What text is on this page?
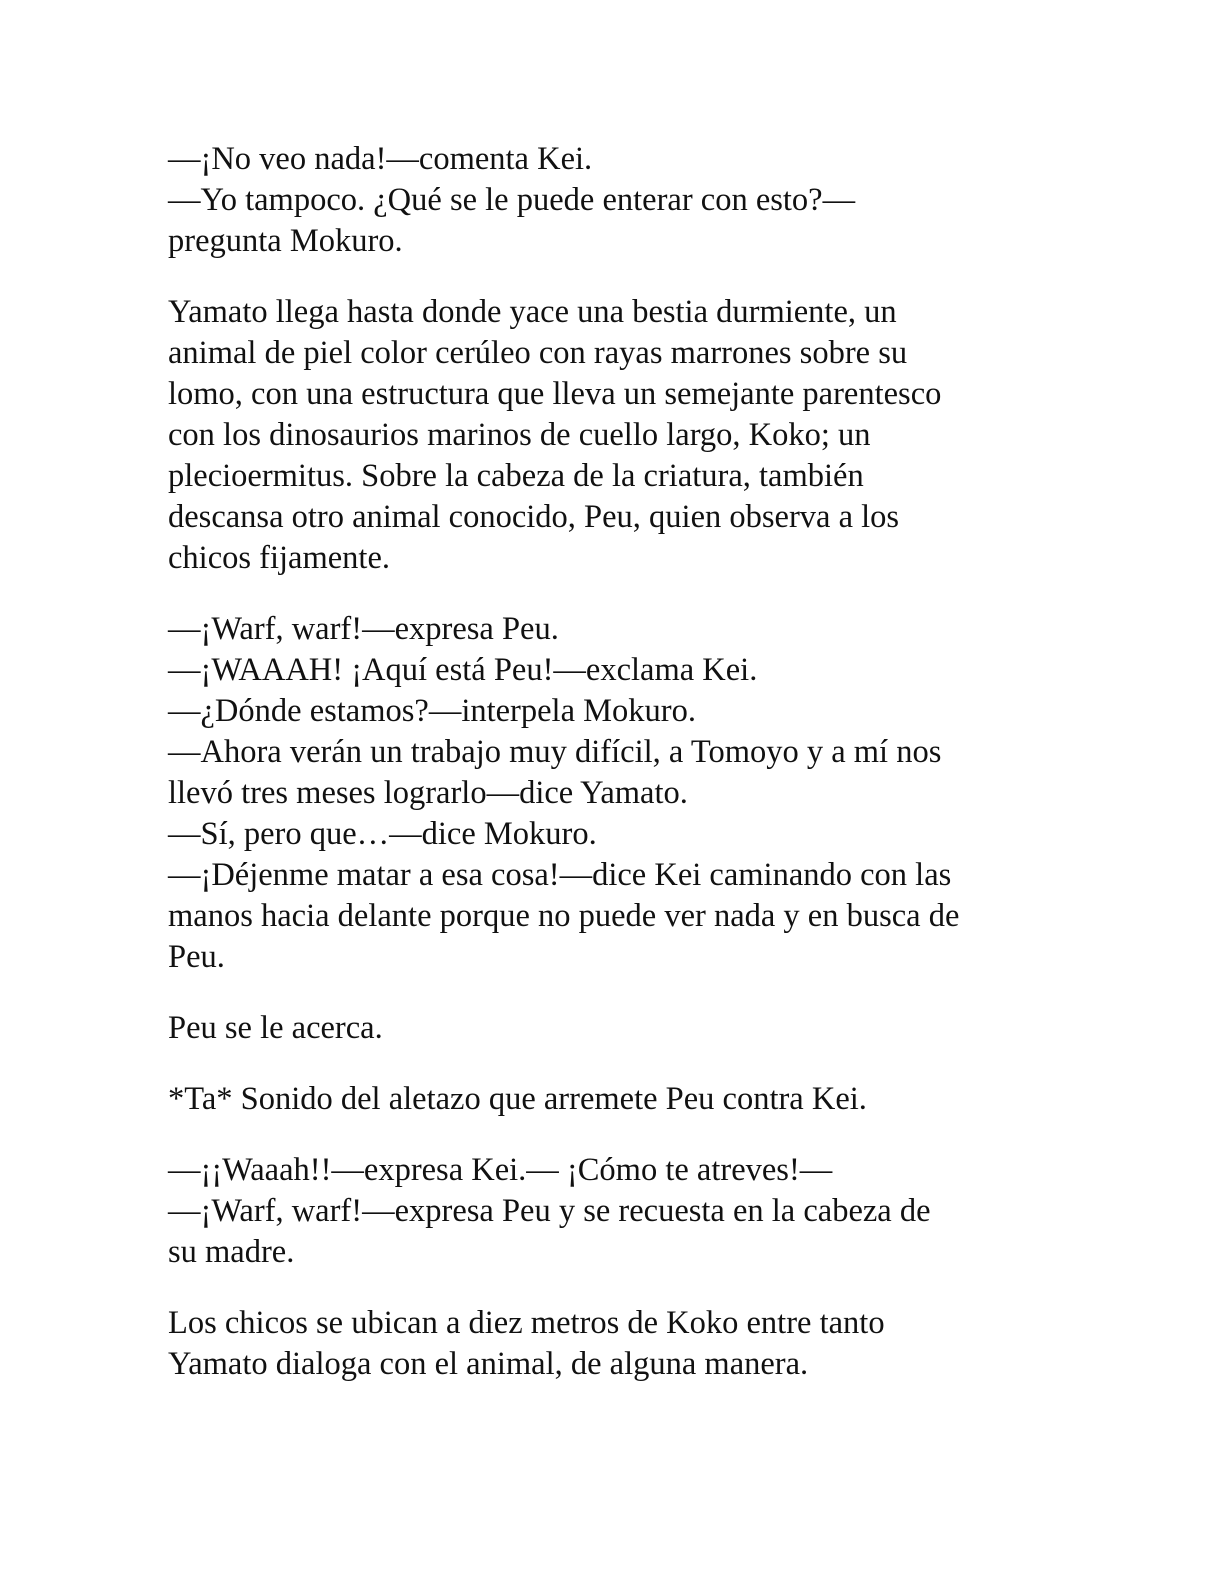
—¡No veo nada!—comenta Kei.
—Yo tampoco. ¿Qué se le puede enterar con esto?—
pregunta Mokuro.

Yamato llega hasta donde yace una bestia durmiente, un
animal de piel color cerúleo con rayas marrones sobre su
lomo, con una estructura que lleva un semejante parentesco
con los dinosaurios marinos de cuello largo, Koko; un
plecioermitus. Sobre la cabeza de la criatura, también
descansa otro animal conocido, Peu, quien observa a los
chicos fijamente.

—¡Warf, warf!—expresa Peu.
—¡WAAAH! ¡Aquí está Peu!—exclama Kei.
—¿Dónde estamos?—interpela Mokuro.
—Ahora verán un trabajo muy difícil, a Tomoyo y a mí nos
llevó tres meses lograrlo—dice Yamato.
—Sí, pero que…—dice Mokuro.
—¡Déjenme matar a esa cosa!—dice Kei caminando con las
manos hacia delante porque no puede ver nada y en busca de
Peu.

Peu se le acerca.

*Ta* Sonido del aletazo que arremete Peu contra Kei.

—¡¡Waaah!!—expresa Kei.— ¡Cómo te atreves!—
—¡Warf, warf!—expresa Peu y se recuesta en la cabeza de
su madre.

Los chicos se ubican a diez metros de Koko entre tanto
Yamato dialoga con el animal, de alguna manera.
